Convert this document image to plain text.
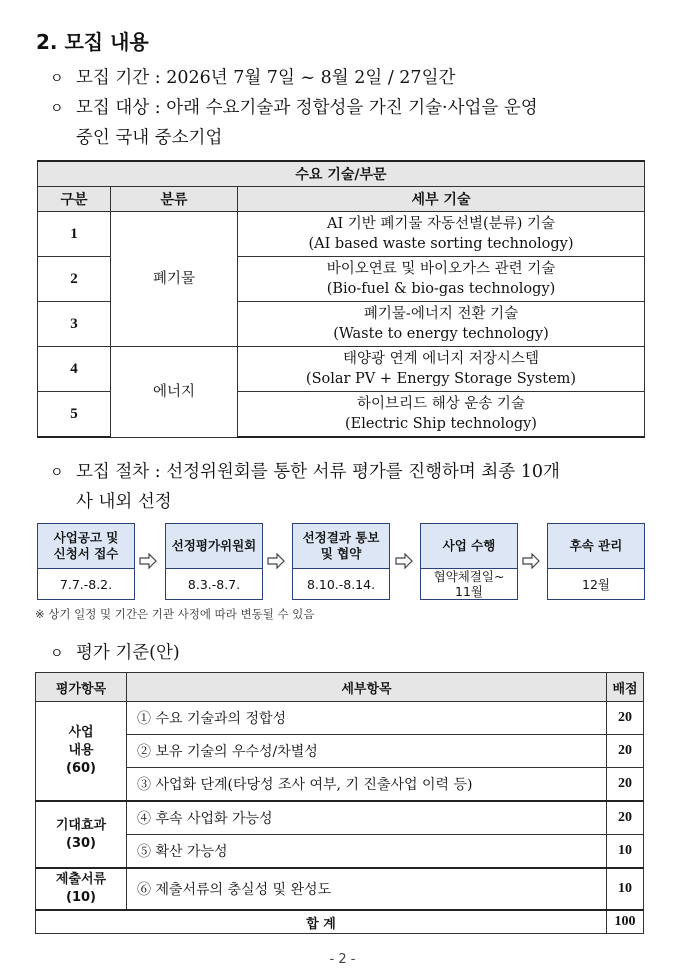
2. 모집 내용
ㅇ 모집 기간 : 2026년 7월 7일 ~ 8월 2일 / 27일간
ㅇ 모집 대상 : 아래 수요기술과 정합성을 가진 기술·사업을 운영
중인 국내 중소기업
수요 기술/부문		
구분	분류	세부 기술
1	폐기물	AI 기반 폐기물 자동선별(분류) 기술
(AI based waste sorting technology)

2		바이오연료 및 바이오가스 관련 기술
(Bio-fuel & bio-gas technology)

3		폐기물-에너지 전환 기술
(Waste to energy technology)

4	에너지	태양광 연계 에너지 저장시스템
(Solar PV + Energy Storage System)

5		하이브리드 해상 운송 기술
(Electric Ship technology)
ㅇ 모집 절차 : 선정위원회를 통한 서류 평가를 진행하며 최종 10개
사 내외 선정
사업공고 및
신청서 접수
7.7.-8.2.
선정평가위원회
8.3.-8.7.
선정결과 통보
및 협약
8.10.-8.14.
사업 수행
협약체결일~
11월
후속 관리
12월
※ 상기 일정 및 기간은 기관 사정에 따라 변동될 수 있음
ㅇ 평가 기준(안)
평가항목	세부항목	배점

사업
내용
(60)	① 수요 기술과의 정합성	20
	② 보유 기술의 우수성/차별성	20
	③ 사업화 단계(타당성 조사 여부, 기 진출사업 이력 등)	20

기대효과
(30)	④ 후속 사업화 가능성	20
	⑤ 확산 가능성	10

제출서류
(10)	⑥ 제출서류의 충실성 및 완성도	10
합 계		100
- 2 -
